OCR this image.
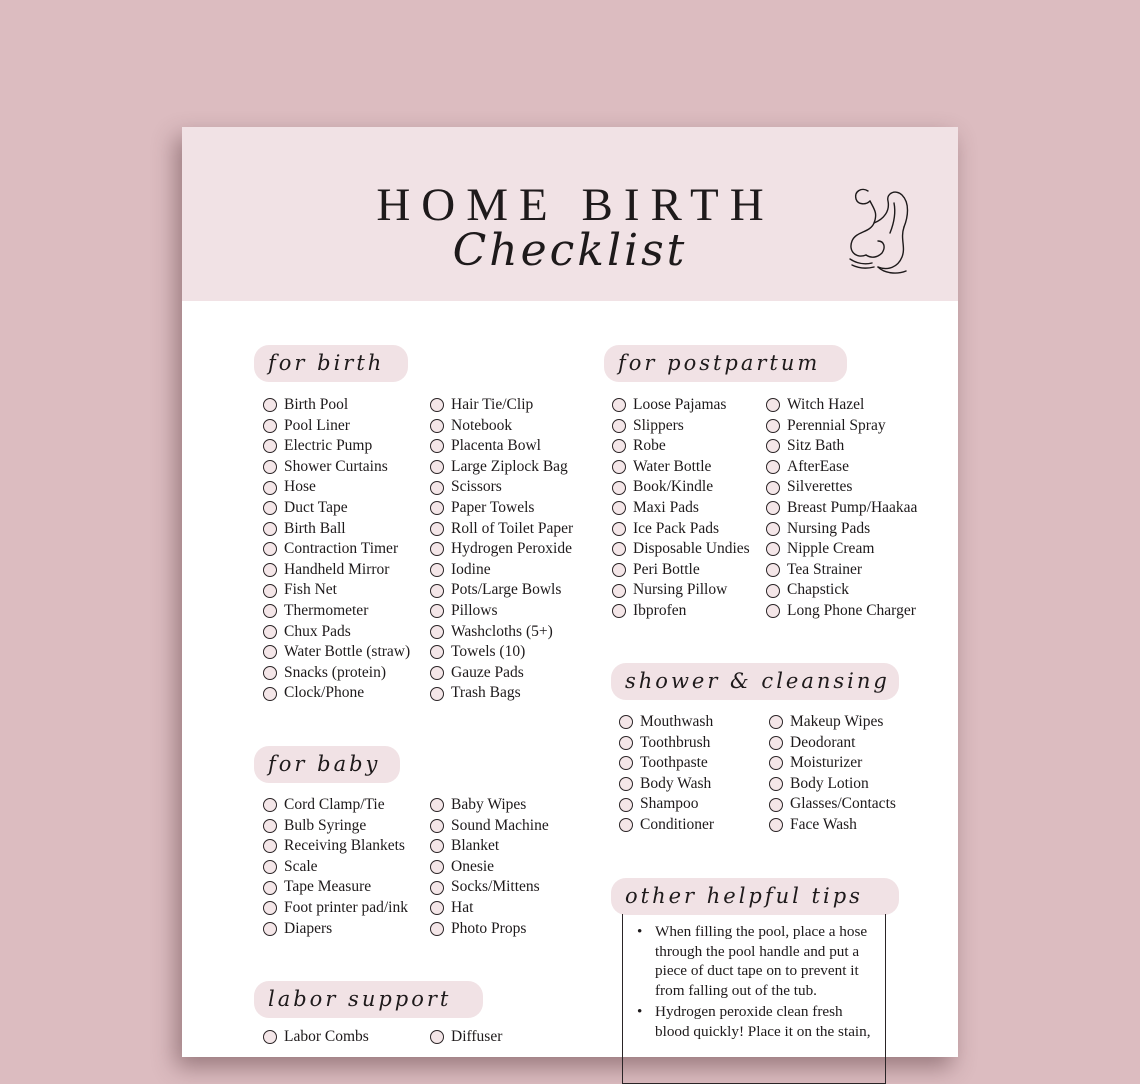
HOME BIRTH
Checklist
for birth
Birth Pool
Pool Liner
Electric Pump
Shower Curtains
Hose
Duct Tape
Birth Ball
Contraction Timer
Handheld Mirror
Fish Net
Thermometer
Chux Pads
Water Bottle (straw)
Snacks (protein)
Clock/Phone
Hair Tie/Clip
Notebook
Placenta Bowl
Large Ziplock Bag
Scissors
Paper Towels
Roll of Toilet Paper
Hydrogen Peroxide
Iodine
Pots/Large Bowls
Pillows
Washcloths (5+)
Towels (10)
Gauze Pads
Trash Bags
for baby
Cord Clamp/Tie
Bulb Syringe
Receiving Blankets
Scale
Tape Measure
Foot printer pad/ink
Diapers
Baby Wipes
Sound Machine
Blanket
Onesie
Socks/Mittens
Hat
Photo Props
labor support
Labor Combs	Diffuser
for postpartum
Loose Pajamas
Slippers
Robe
Water Bottle
Book/Kindle
Maxi Pads
Ice Pack Pads
Disposable Undies
Peri Bottle
Nursing Pillow
Ibprofen
Witch Hazel
Perennial Spray
Sitz Bath
AfterEase
Silverettes
Breast Pump/Haakaa
Nursing Pads
Nipple Cream
Tea Strainer
Chapstick
Long Phone Charger
shower & cleansing
Mouthwash
Toothbrush
Toothpaste
Body Wash
Shampoo
Conditioner
Makeup Wipes
Deodorant
Moisturizer
Body Lotion
Glasses/Contacts
Face Wash
other helpful tips
• When filling the pool, place a hose through the pool handle and put a piece of duct tape on to prevent it from falling out of the tub.
• Hydrogen peroxide clean fresh blood quickly! Place it on the stain,
